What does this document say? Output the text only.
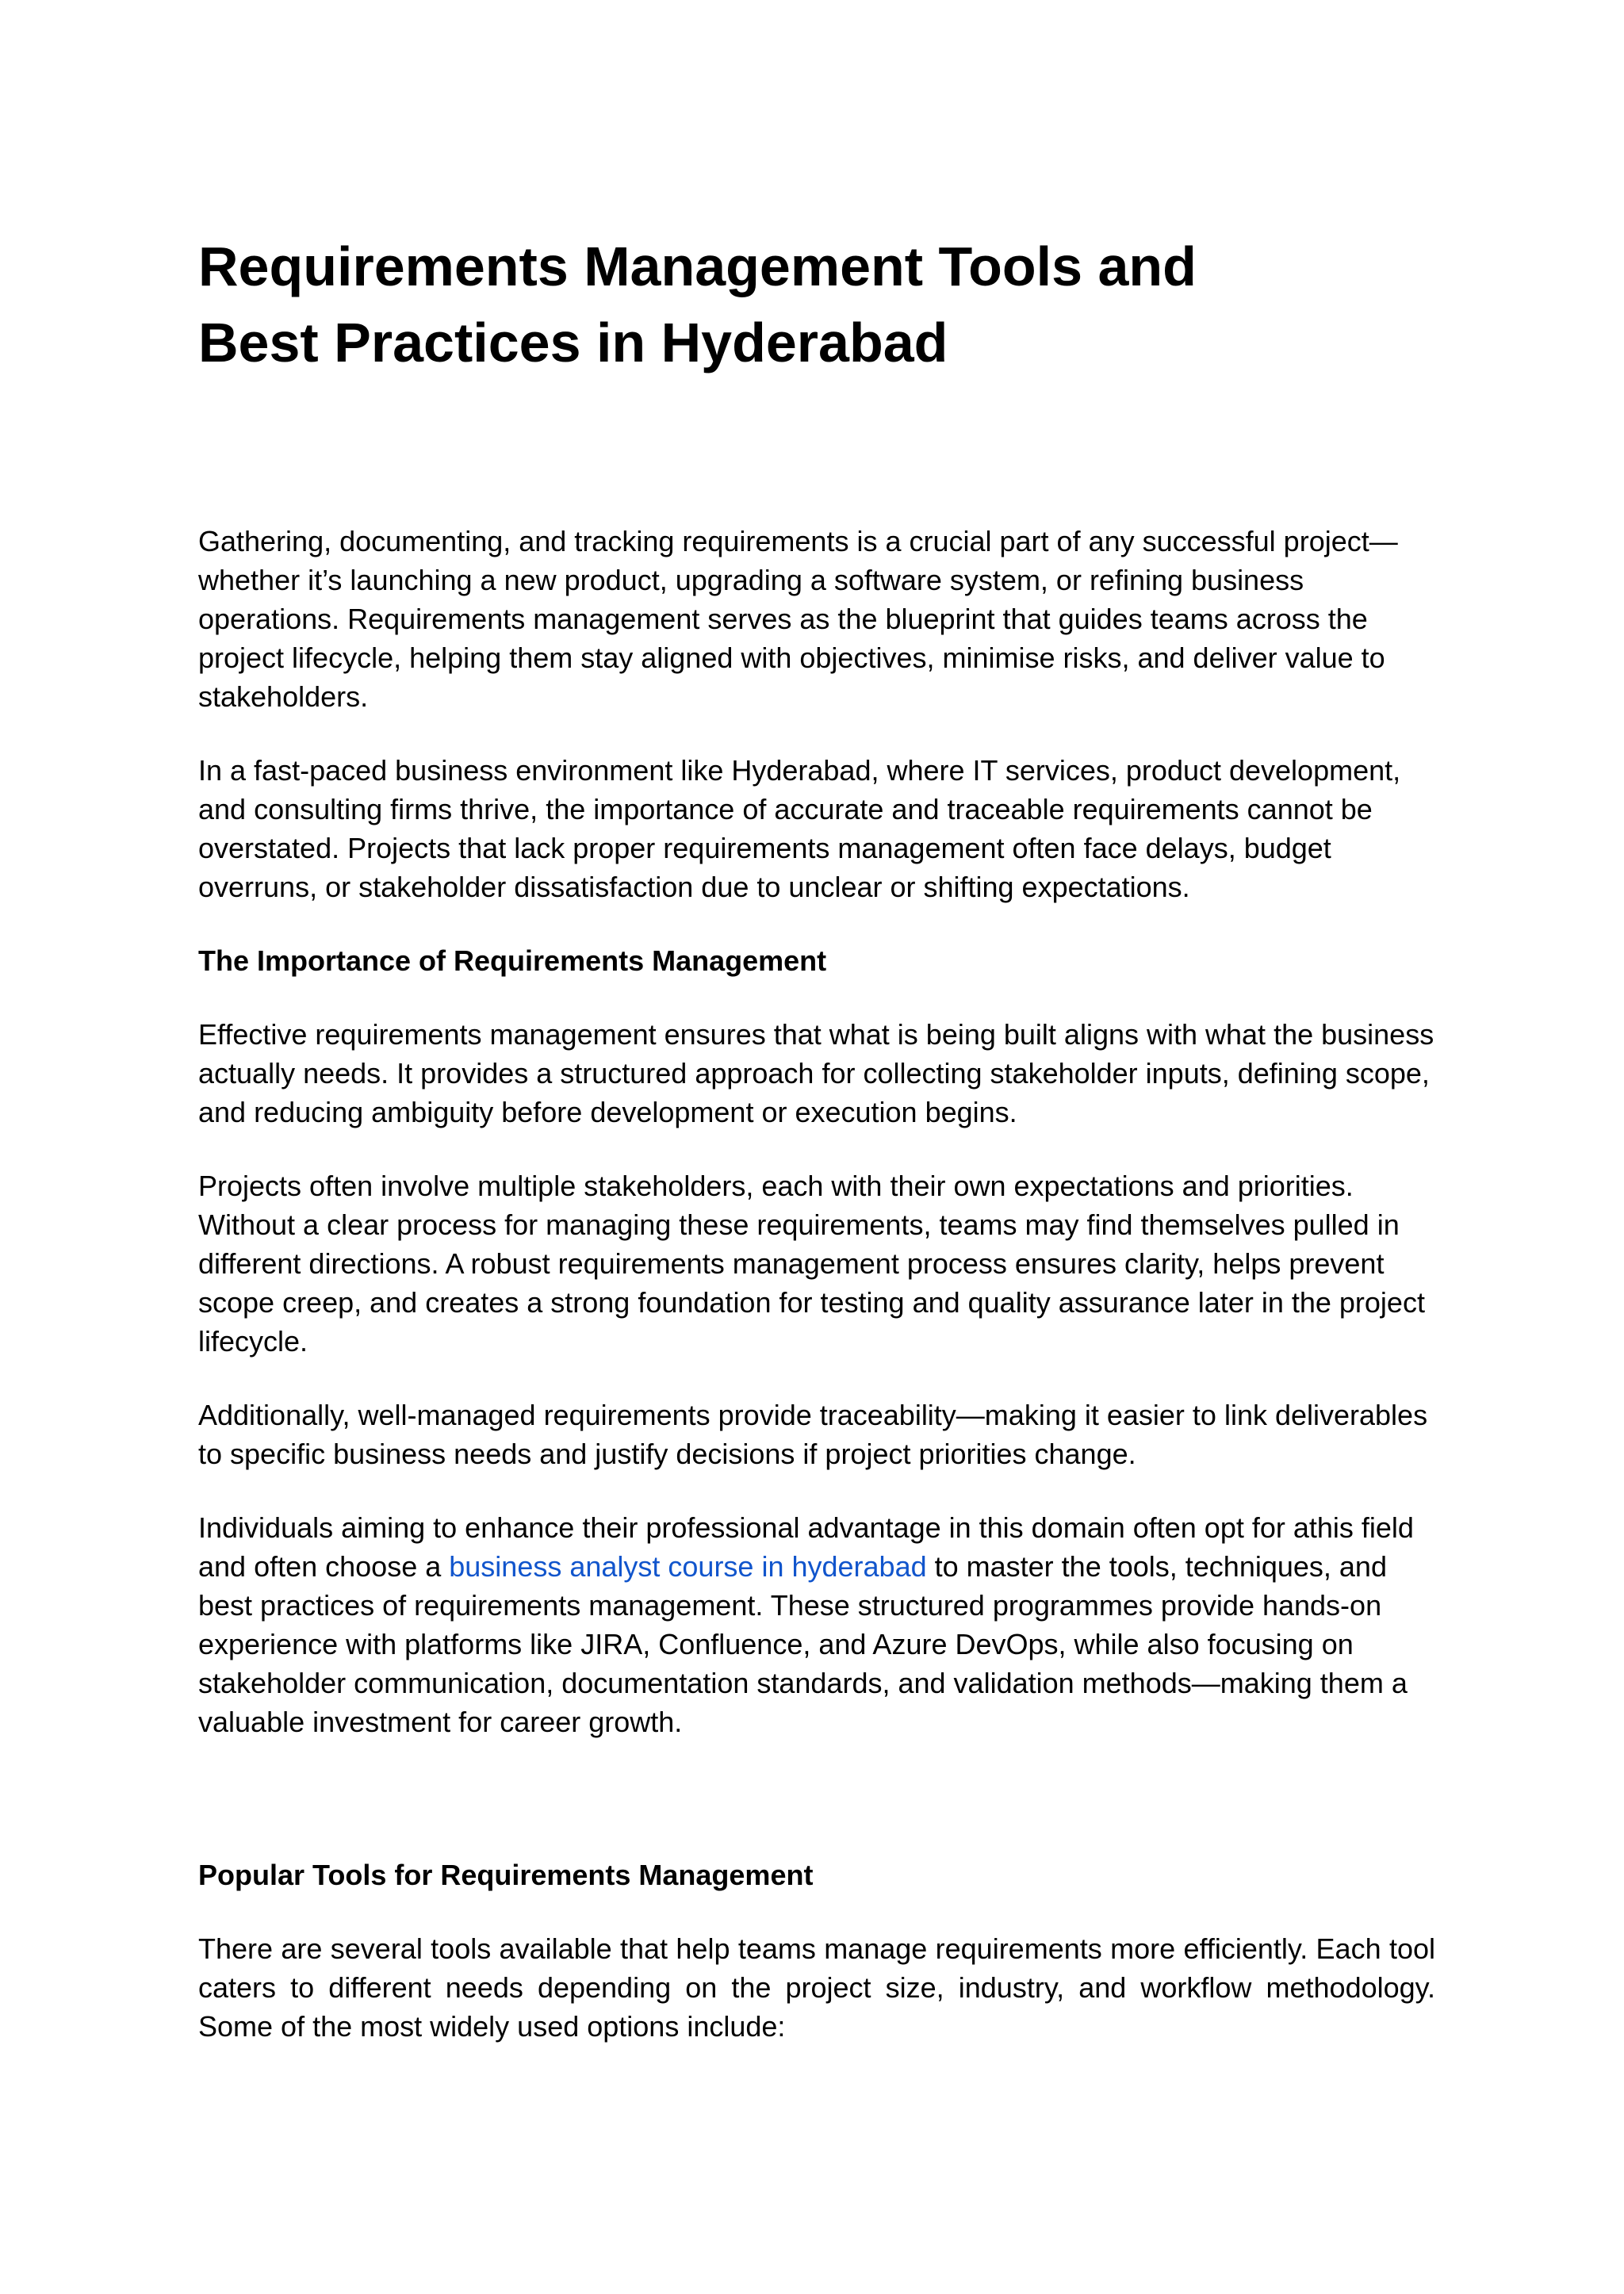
Requirements Management Tools and
Best Practices in Hyderabad

Gathering, documenting, and tracking requirements is a crucial part of any successful project—whether it’s launching a new product, upgrading a software system, or refining business operations. Requirements management serves as the blueprint that guides teams across the project lifecycle, helping them stay aligned with objectives, minimise risks, and deliver value to stakeholders.

In a fast-paced business environment like Hyderabad, where IT services, product development, and consulting firms thrive, the importance of accurate and traceable requirements cannot be overstated. Projects that lack proper requirements management often face delays, budget overruns, or stakeholder dissatisfaction due to unclear or shifting expectations.

The Importance of Requirements Management

Effective requirements management ensures that what is being built aligns with what the business actually needs. It provides a structured approach for collecting stakeholder inputs, defining scope, and reducing ambiguity before development or execution begins.

Projects often involve multiple stakeholders, each with their own expectations and priorities. Without a clear process for managing these requirements, teams may find themselves pulled in different directions. A robust requirements management process ensures clarity, helps prevent scope creep, and creates a strong foundation for testing and quality assurance later in the project lifecycle.

Additionally, well-managed requirements provide traceability—making it easier to link deliverables to specific business needs and justify decisions if project priorities change.

Individuals aiming to enhance their professional advantage in this domain often opt for athis field and often choose a business analyst course in hyderabad to master the tools, techniques, and best practices of requirements management. These structured programmes provide hands-on experience with platforms like JIRA, Confluence, and Azure DevOps, while also focusing on stakeholder communication, documentation standards, and validation methods—making them a valuable investment for career growth.

Popular Tools for Requirements Management

There are several tools available that help teams manage requirements more efficiently. Each tool caters to different needs depending on the project size, industry, and workflow methodology. Some of the most widely used options include:
